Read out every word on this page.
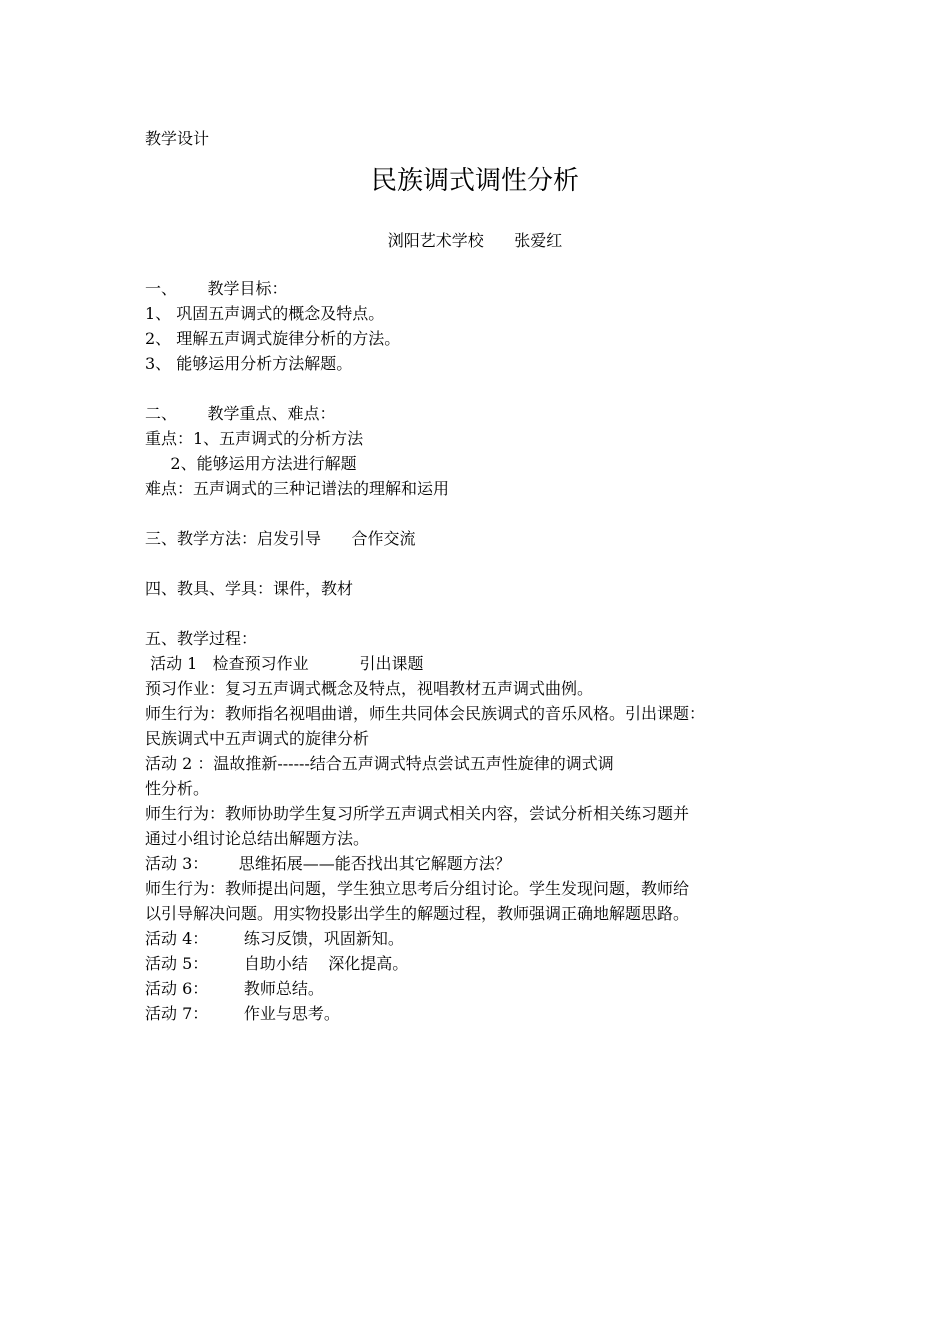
教学设计
民族调式调性分析
浏阳艺术学校      张爱红
一、      教学目标：
1、 巩固五声调式的概念及特点。
2、 理解五声调式旋律分析的方法。
3、 能够运用分析方法解题。
二、      教学重点、难点：
重点：1、五声调式的分析方法
2、能够运用方法进行解题
难点：五声调式的三种记谱法的理解和运用
三、教学方法：启发引导      合作交流
四、教具、学具：课件，教材
五、教学过程：
活动 1   检查预习作业          引出课题
预习作业：复习五声调式概念及特点，视唱教材五声调式曲例。
师生行为：教师指名视唱曲谱，师生共同体会民族调式的音乐风格。引出课题：
民族调式中五声调式的旋律分析
活动 2 ：温故推新------结合五声调式特点尝试五声性旋律的调式调
性分析。
师生行为：教师协助学生复习所学五声调式相关内容，尝试分析相关练习题并
通过小组讨论总结出解题方法。
活动 3：      思维拓展——能否找出其它解题方法？
师生行为：教师提出问题，学生独立思考后分组讨论。学生发现问题，教师给
以引导解决问题。用实物投影出学生的解题过程，教师强调正确地解题思路。
活动 4：       练习反馈，巩固新知。
活动 5：       自助小结    深化提高。
活动 6：       教师总结。
活动 7：       作业与思考。
